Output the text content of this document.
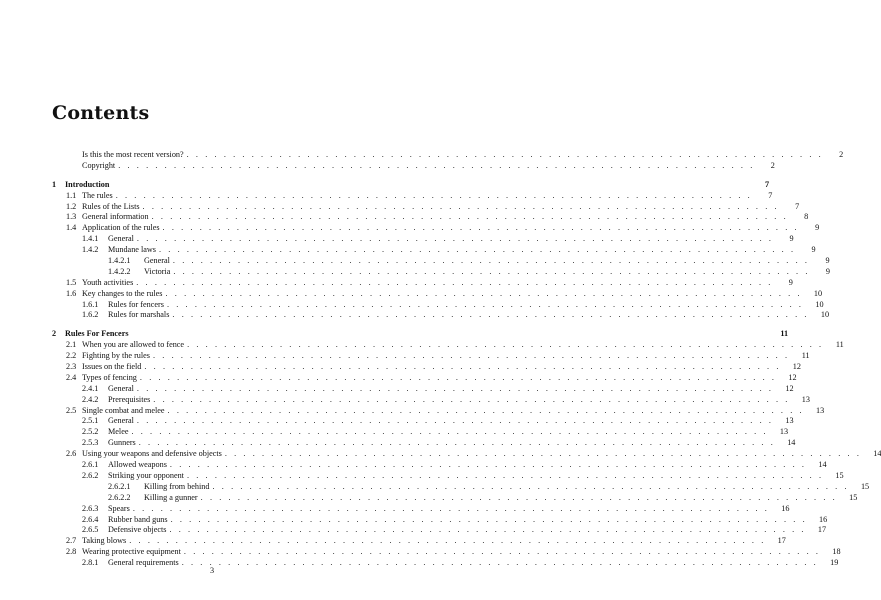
Contents
Is this the most recent version? . . . . . . . . . . . . . . . . . . . . . . . . . . . . . . . . . . . . . . . . . . . . . . . . . . . . . . . . . . . . . . . . . . . . .	2
Copyright . . . . . . . . . . . . . . . . . . . . . . . . . . . . . . . . . . . . . . . . . . . . . . . . . . . . . . . . . . . . . . . . . . . . .	2
1 Introduction	7
1.1 The rules . . . . . . . . . . . . . . . . . . . . . . . . . . . . . . . . . . . . . . . . . . . . . . . . . . . . . . . . . . . . . . . . . . . . .	7
1.2 Rules of the Lists . . . . . . . . . . . . . . . . . . . . . . . . . . . . . . . . . . . . . . . . . . . . . . . . . . . . . . . . . . . . . . . . . . . . .	7
1.3 General information . . . . . . . . . . . . . . . . . . . . . . . . . . . . . . . . . . . . . . . . . . . . . . . . . . . . . . . . . . . . . . . . . . . . .	8
1.4 Application of the rules . . . . . . . . . . . . . . . . . . . . . . . . . . . . . . . . . . . . . . . . . . . . . . . . . . . . . . . . . . . . . . . . . . . . .	9
1.4.1 General . . . . . . . . . . . . . . . . . . . . . . . . . . . . . . . . . . . . . . . . . . . . . . . . . . . . . . . . . . . . . . . . . . . . .	9
1.4.2 Mundane laws . . . . . . . . . . . . . . . . . . . . . . . . . . . . . . . . . . . . . . . . . . . . . . . . . . . . . . . . . . . . . . . . . . . . .	9
1.4.2.1 General . . . . . . . . . . . . . . . . . . . . . . . . . . . . . . . . . . . . . . . . . . . . . . . . . . . . . . . . . . . . . . . . . . . . .	9
1.4.2.2 Victoria . . . . . . . . . . . . . . . . . . . . . . . . . . . . . . . . . . . . . . . . . . . . . . . . . . . . . . . . . . . . . . . . . . . . .	9
1.5 Youth activities . . . . . . . . . . . . . . . . . . . . . . . . . . . . . . . . . . . . . . . . . . . . . . . . . . . . . . . . . . . . . . . . . . . . .	9
1.6 Key changes to the rules . . . . . . . . . . . . . . . . . . . . . . . . . . . . . . . . . . . . . . . . . . . . . . . . . . . . . . . . . . . . . . . . . . . . .	10
1.6.1 Rules for fencers . . . . . . . . . . . . . . . . . . . . . . . . . . . . . . . . . . . . . . . . . . . . . . . . . . . . . . . . . . . . . . . . . . . . .	10
1.6.2 Rules for marshals . . . . . . . . . . . . . . . . . . . . . . . . . . . . . . . . . . . . . . . . . . . . . . . . . . . . . . . . . . . . . . . . . . . . .	10
2 Rules For Fencers	11
2.1 When you are allowed to fence . . . . . . . . . . . . . . . . . . . . . . . . . . . . . . . . . . . . . . . . . . . . . . . . . . . . . . . . . . . . . . . . . . . . .	11
2.2 Fighting by the rules . . . . . . . . . . . . . . . . . . . . . . . . . . . . . . . . . . . . . . . . . . . . . . . . . . . . . . . . . . . . . . . . . . . . .	11
2.3 Issues on the field . . . . . . . . . . . . . . . . . . . . . . . . . . . . . . . . . . . . . . . . . . . . . . . . . . . . . . . . . . . . . . . . . . . . .	12
2.4 Types of fencing . . . . . . . . . . . . . . . . . . . . . . . . . . . . . . . . . . . . . . . . . . . . . . . . . . . . . . . . . . . . . . . . . . . . .	12
2.4.1 General . . . . . . . . . . . . . . . . . . . . . . . . . . . . . . . . . . . . . . . . . . . . . . . . . . . . . . . . . . . . . . . . . . . . .	12
2.4.2 Prerequisites . . . . . . . . . . . . . . . . . . . . . . . . . . . . . . . . . . . . . . . . . . . . . . . . . . . . . . . . . . . . . . . . . . . . .	13
2.5 Single combat and melee . . . . . . . . . . . . . . . . . . . . . . . . . . . . . . . . . . . . . . . . . . . . . . . . . . . . . . . . . . . . . . . . . . . . .	13
2.5.1 General . . . . . . . . . . . . . . . . . . . . . . . . . . . . . . . . . . . . . . . . . . . . . . . . . . . . . . . . . . . . . . . . . . . . .	13
2.5.2 Melee . . . . . . . . . . . . . . . . . . . . . . . . . . . . . . . . . . . . . . . . . . . . . . . . . . . . . . . . . . . . . . . . . . . . .	13
2.5.3 Gunners . . . . . . . . . . . . . . . . . . . . . . . . . . . . . . . . . . . . . . . . . . . . . . . . . . . . . . . . . . . . . . . . . . . . .	14
2.6 Using your weapons and defensive objects . . . . . . . . . . . . . . . . . . . . . . . . . . . . . . . . . . . . . . . . . . . . . . . . . . . . . . . . . . . . . . . . . . . . .	14
2.6.1 Allowed weapons . . . . . . . . . . . . . . . . . . . . . . . . . . . . . . . . . . . . . . . . . . . . . . . . . . . . . . . . . . . . . . . . . . . . .	14
2.6.2 Striking your opponent . . . . . . . . . . . . . . . . . . . . . . . . . . . . . . . . . . . . . . . . . . . . . . . . . . . . . . . . . . . . . . . . . . . . .	15
2.6.2.1 Killing from behind . . . . . . . . . . . . . . . . . . . . . . . . . . . . . . . . . . . . . . . . . . . . . . . . . . . . . . . . . . . . . . . . . . . . .	15
2.6.2.2 Killing a gunner . . . . . . . . . . . . . . . . . . . . . . . . . . . . . . . . . . . . . . . . . . . . . . . . . . . . . . . . . . . . . . . . . . . . .	15
2.6.3 Spears . . . . . . . . . . . . . . . . . . . . . . . . . . . . . . . . . . . . . . . . . . . . . . . . . . . . . . . . . . . . . . . . . . . . .	16
2.6.4 Rubber band guns . . . . . . . . . . . . . . . . . . . . . . . . . . . . . . . . . . . . . . . . . . . . . . . . . . . . . . . . . . . . . . . . . . . . .	16
2.6.5 Defensive objects . . . . . . . . . . . . . . . . . . . . . . . . . . . . . . . . . . . . . . . . . . . . . . . . . . . . . . . . . . . . . . . . . . . . .	17
2.7 Taking blows . . . . . . . . . . . . . . . . . . . . . . . . . . . . . . . . . . . . . . . . . . . . . . . . . . . . . . . . . . . . . . . . . . . . .	17
2.8 Wearing protective equipment . . . . . . . . . . . . . . . . . . . . . . . . . . . . . . . . . . . . . . . . . . . . . . . . . . . . . . . . . . . . . . . . . . . . .	18
2.8.1 General requirements . . . . . . . . . . . . . . . . . . . . . . . . . . . . . . . . . . . . . . . . . . . . . . . . . . . . . . . . . . . . . . . . . . . . .	19
3
